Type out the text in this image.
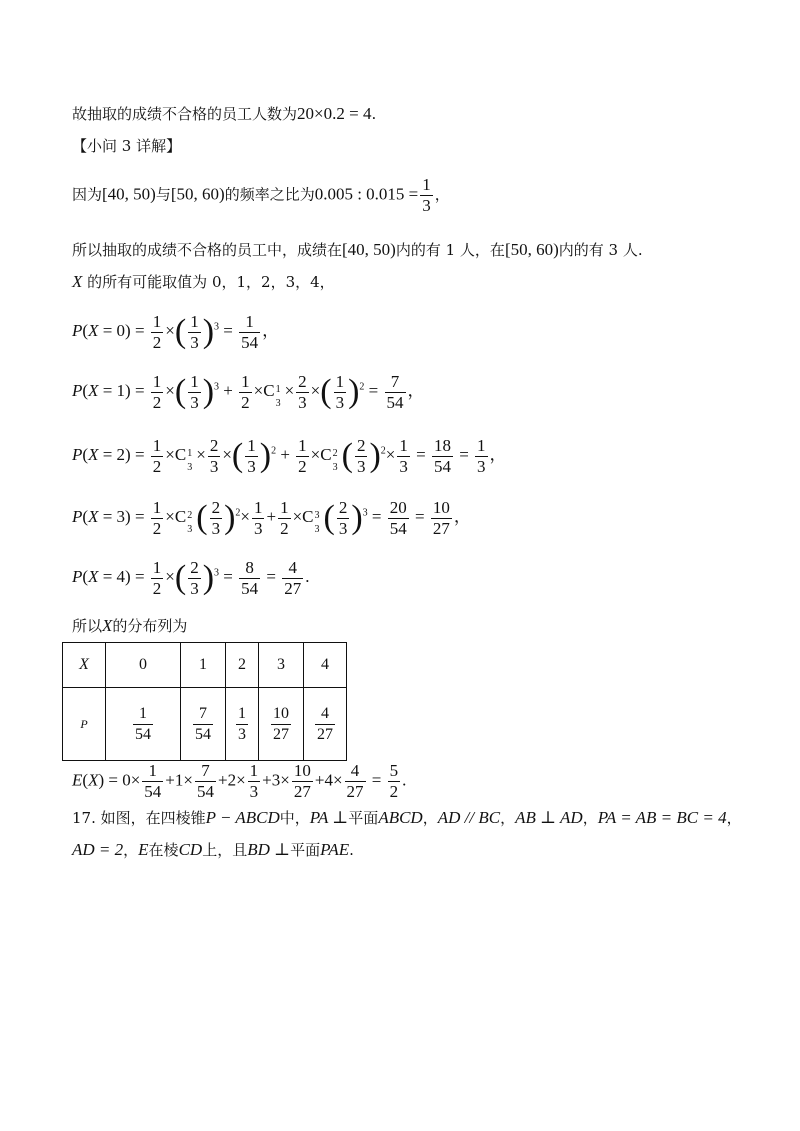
故抽取的成绩不合格的员工人数为20×0.2 = 4.
【小问 3 详解】
因为[40, 50)与[50, 60)的频率之比为0.005 : $0.015 = \frac{1}{3}$ ，
所以抽取的成绩不合格的员工中，成绩在[40, 50)内的有 1 人，在[50, 60)内的有 3 人.
X 的所有可能取值为 0，1，2，3，4，
$P(X = 0) = \frac{1}{2}$ ×( $\frac{1}{3} )^3 = \frac{1}{54}$ ，
$P(X = 1) = \frac{1}{2}$ ×( $\frac{1}{3} )^3 + \frac{1}{2} \times C$ 1
3
× $\frac{2}{3}$ ×( $\frac{1}{3} )^2 = \frac{7}{54}$ ，
$P(X = 2) = \frac{1}{2} \times C$ 1
3
× $\frac{2}{3}$ ×( $\frac{1}{3} )^2 + \frac{1}{2} \times C$ 2
3 ( $\frac{2}{3} )^2\times \frac{1}{3} = \frac{18}{54} = \frac{1}{3}$ ，
$P(X = 3) = \frac{1}{2} \times C$ 2
3 ( $\frac{2}{3} )^2\times \frac{1}{3} + \frac{1}{2} \times C$ 3
3 ( $\frac{2}{3} )^3 = \frac{20}{54} = \frac{10}{27}$ ，
$P(X = 4) = \frac{1}{2}$ ×( $\frac{2}{3} )^3 = \frac{8}{54} = \frac{4}{27}$ .
所以X的分布列为
X	0	1	2	3	4
P	$\frac{1}{54}$	$\frac{7}{54}$	$\frac{1}{3}$	$\frac{10}{27}$	$\frac{4}{27}$
$E(X) = 0\times \frac{1}{54} +1\times \frac{7}{54} +2\times \frac{1}{3} +3\times \frac{10}{27} +4\times \frac{4}{27} = \frac{5}{2}$ .
17. 如图，在四棱锥P − ABCD中，PA ⊥平面ABCD，AD // BC，AB ⊥ AD，PA = AB = BC = 4，
AD = 2，E在棱CD上，且BD ⊥平面PAE.
